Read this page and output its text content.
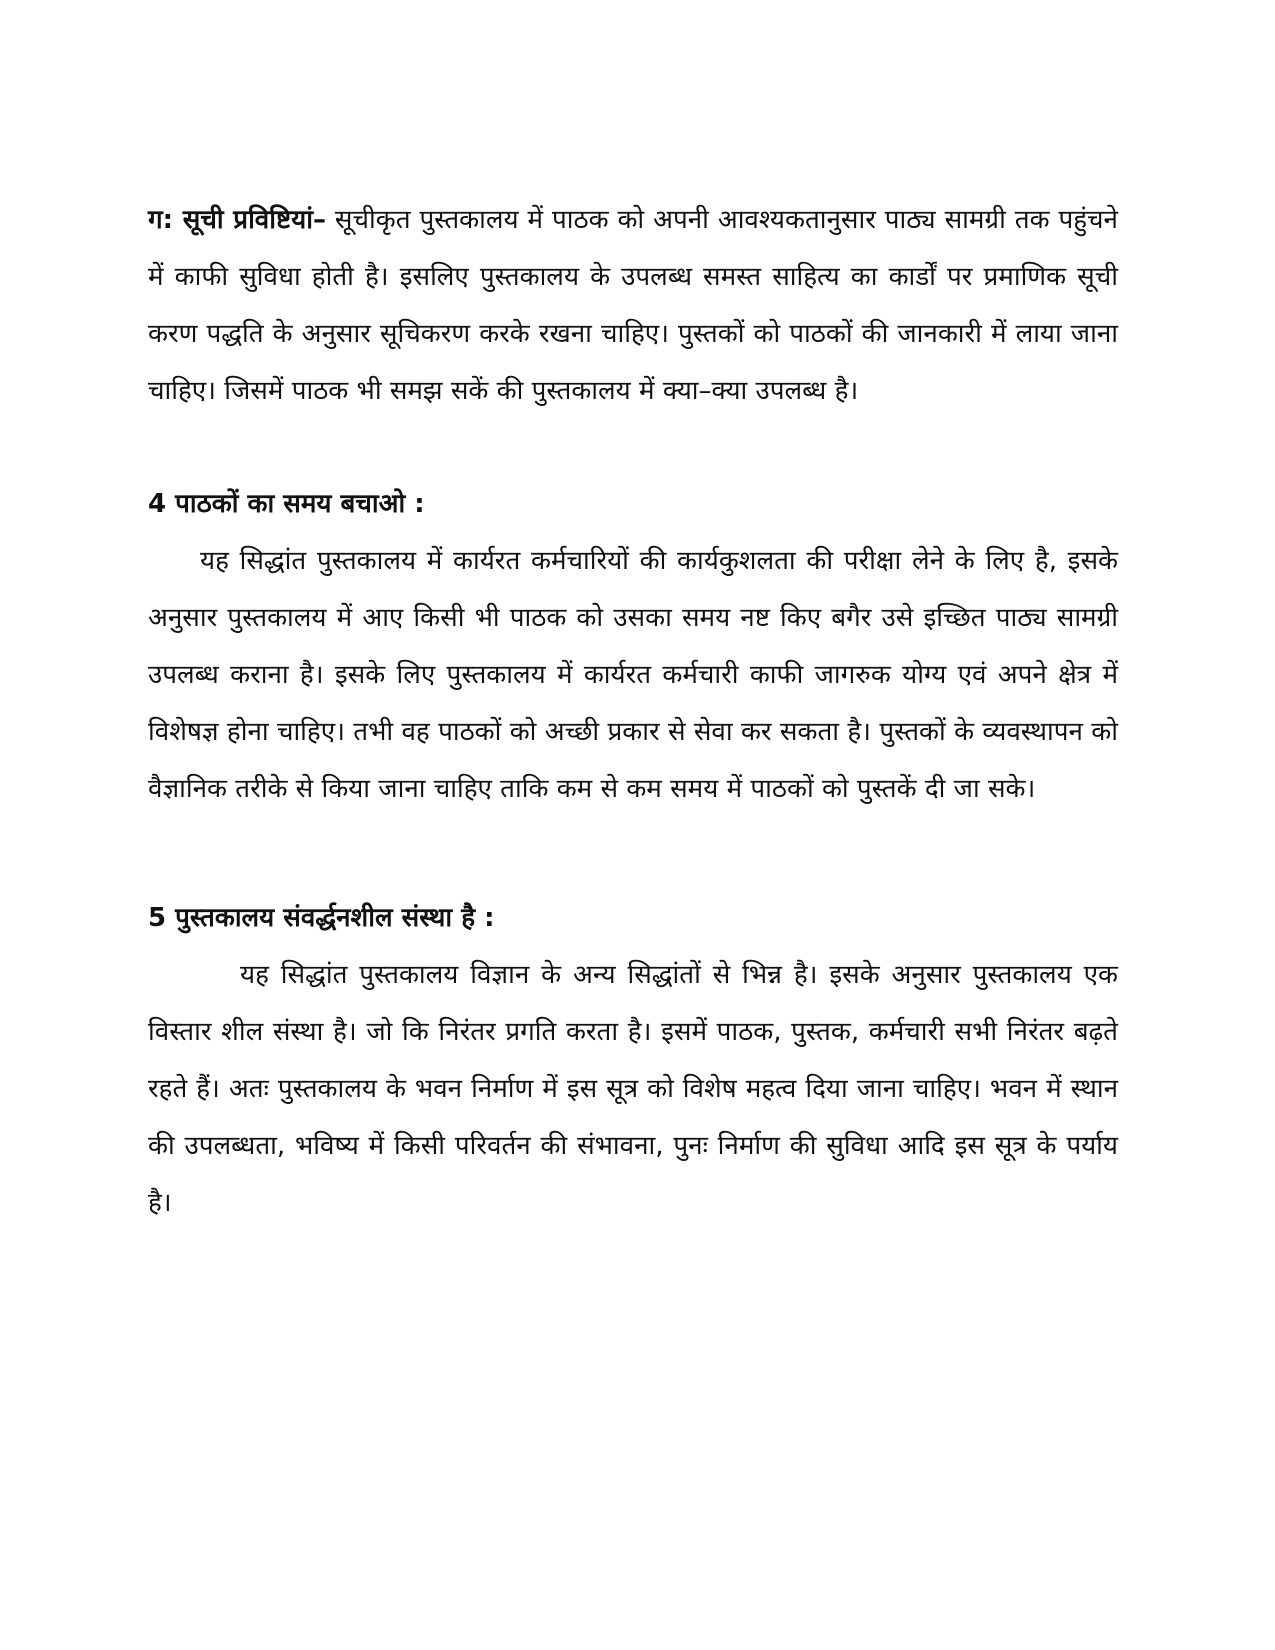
ग: सूची प्रविष्टियां– सूचीकृत पुस्तकालय में पाठक को अपनी आवश्यकतानुसार पाठ्य सामग्री तक पहुंचने में काफी सुविधा होती है। इसलिए पुस्तकालय के उपलब्ध समस्त साहित्य का कार्डों पर प्रमाणिक सूची करण पद्धति के अनुसार सूचिकरण करके रखना चाहिए। पुस्तकों को पाठकों की जानकारी में लाया जाना चाहिए। जिसमें पाठक भी समझ सकें की पुस्तकालय में क्या–क्या उपलब्ध है।

4 पाठकों का समय बचाओ :

यह सिद्धांत पुस्तकालय में कार्यरत कर्मचारियों की कार्यकुशलता की परीक्षा लेने के लिए है, इसके अनुसार पुस्तकालय में आए किसी भी पाठक को उसका समय नष्ट किए बगैर उसे इच्छित पाठ्य सामग्री उपलब्ध कराना है। इसके लिए पुस्तकालय में कार्यरत कर्मचारी काफी जागरुक योग्य एवं अपने क्षेत्र में विशेषज्ञ होना चाहिए। तभी वह पाठकों को अच्छी प्रकार से सेवा कर सकता है। पुस्तकों के व्यवस्थापन को वैज्ञानिक तरीके से किया जाना चाहिए ताकि कम से कम समय में पाठकों को पुस्तकें दी जा सके।

5 पुस्तकालय संवर्द्धनशील संस्था है :

यह सिद्धांत पुस्तकालय विज्ञान के अन्य सिद्धांतों से भिन्न है। इसके अनुसार पुस्तकालय एक विस्तार शील संस्था है। जो कि निरंतर प्रगति करता है। इसमें पाठक, पुस्तक, कर्मचारी सभी निरंतर बढ़ते रहते हैं। अतः पुस्तकालय के भवन निर्माण में इस सूत्र को विशेष महत्व दिया जाना चाहिए। भवन में स्थान की उपलब्धता, भविष्य में किसी परिवर्तन की संभावना, पुनः निर्माण की सुविधा आदि इस सूत्र के पर्याय है।
